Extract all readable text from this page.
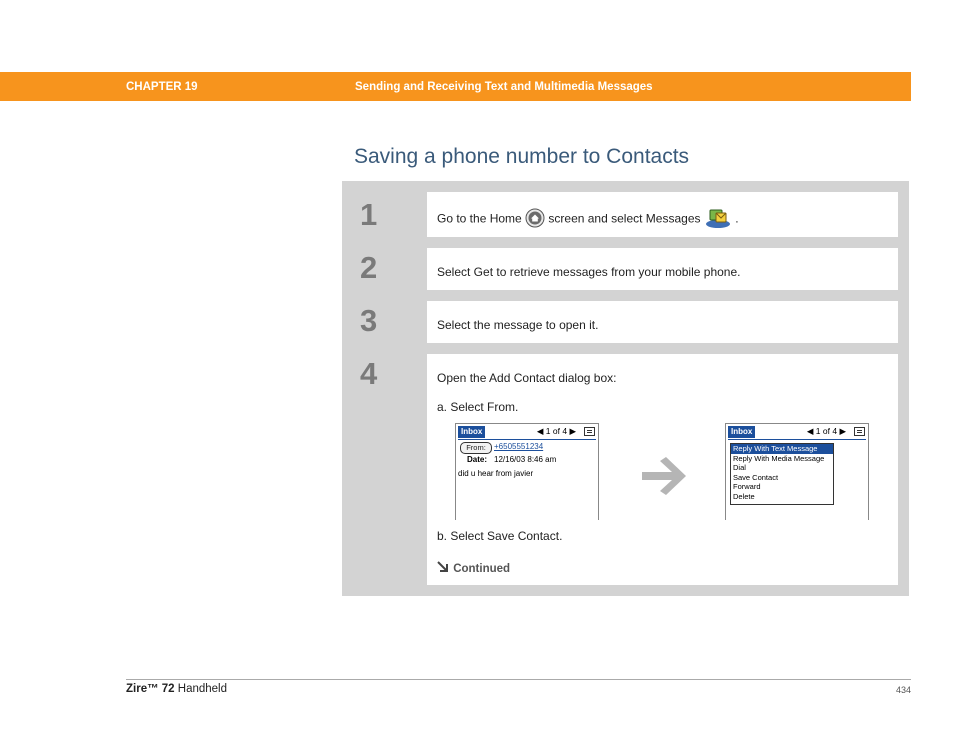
CHAPTER 19	Sending and Receiving Text and Multimedia Messages
Saving a phone number to Contacts
1	Go to the Home screen and select Messages	.
2	Select Get to retrieve messages from your mobile phone.
3	Select the message to open it.
4	Open the Add Contact dialog box:
a. Select From.
Inbox	◀ 1 of 4 ▶
From:	+6505551234
Date: 12/16/03 8:46 am
did u hear from javier
Inbox	◀ 1 of 4 ▶
Reply With Text Message
Reply With Media Message
Dial
Save Contact
Forward
Delete
b. Select Save Contact.
Continued
Zire™ 72 Handheld	434
